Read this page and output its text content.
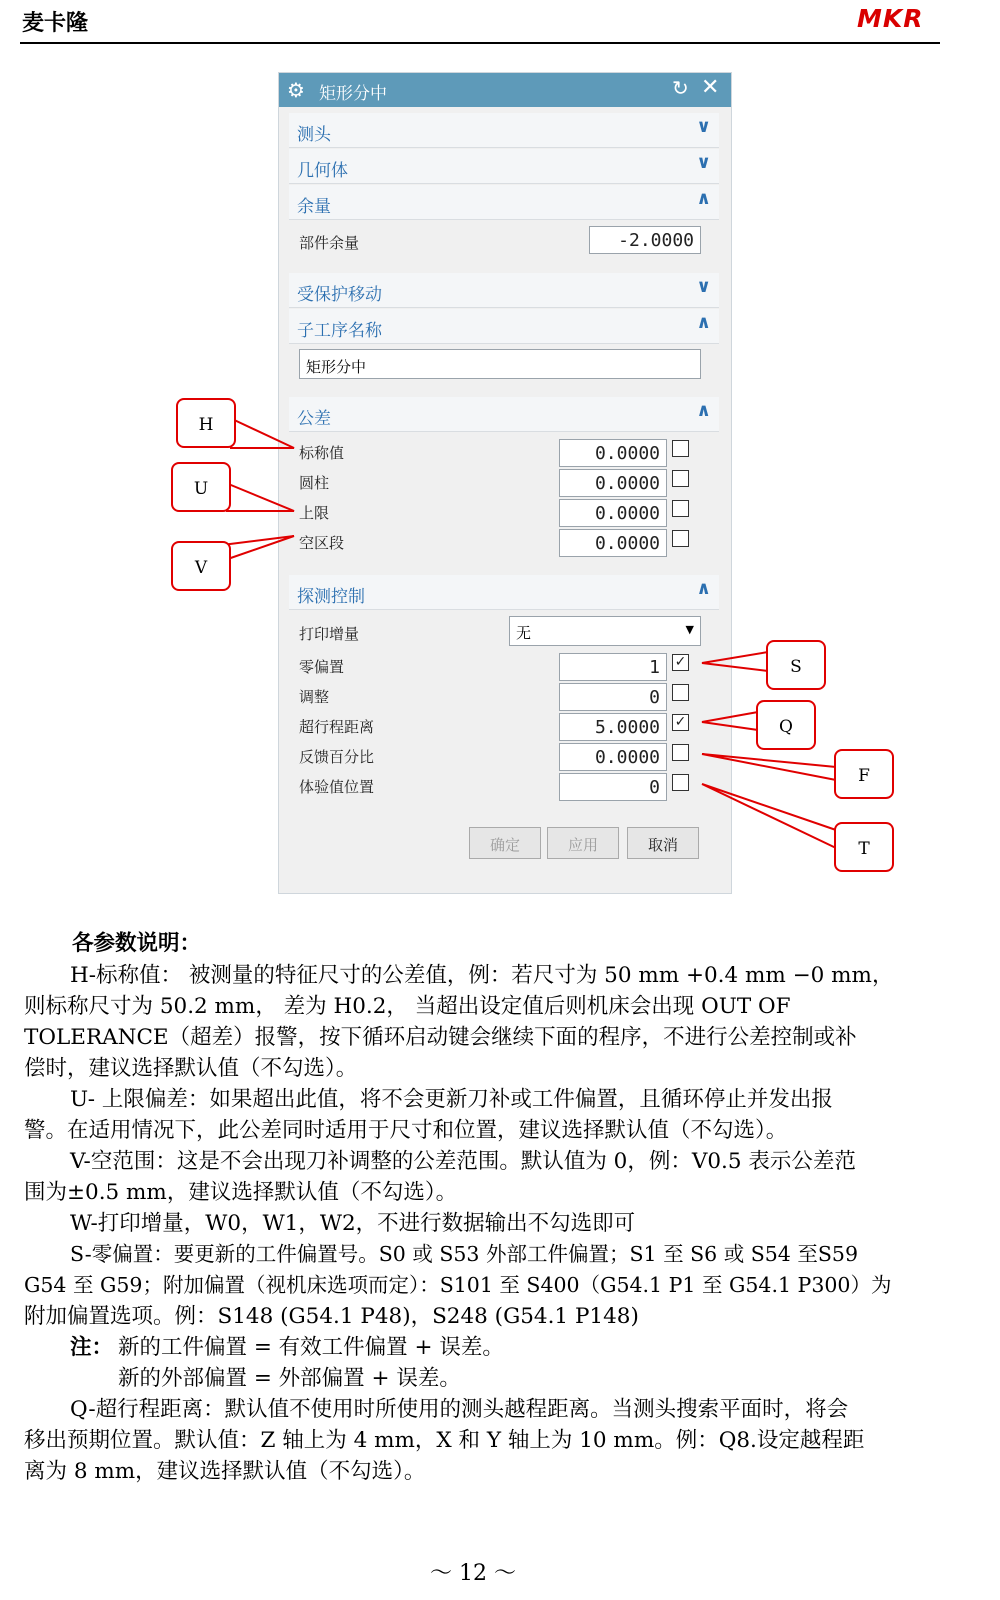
麦卡隆	MKR
⚙ 矩形分中	↻ ✕
测头	∨
几何体	∨
余量	∧
部件余量	-2.0000
受保护移动	∨
子工序名称	∧
矩形分中
公差	∧
标称值	0.0000
圆柱	0.0000
上限	0.0000
空区段	0.0000
探测控制	∧
打印增量	无	▼
零偏置	1	✓
调整	0
超行程距离	5.0000	✓
反馈百分比	0.0000
体验值位置	0
确定	应用	取消
H
U
V
S
Q
F
T
各参数说明：
H-标称值： 被测量的特征尺寸的公差值，例：若尺寸为 50 mm +0.4 mm −0 mm，
则标称尺寸为 50.2 mm， 差为 H0.2， 当超出设定值后则机床会出现 OUT OF
TOLERANCE（超差）报警，按下循环启动键会继续下面的程序，不进行公差控制或补
偿时，建议选择默认值（不勾选）。
U- 上限偏差：如果超出此值，将不会更新刀补或工件偏置，且循环停止并发出报
警。在适用情况下，此公差同时适用于尺寸和位置，建议选择默认值（不勾选）。
V-空范围：这是不会出现刀补调整的公差范围。默认值为 0，例：V0.5 表示公差范
围为±0.5 mm，建议选择默认值（不勾选）。
W-打印增量，W0，W1，W2，不进行数据输出不勾选即可
S-零偏置：要更新的工件偏置号。S0 或 S53 外部工件偏置；S1 至 S6 或 S54 至S59
G54 至 G59；附加偏置（视机床选项而定）：S101 至 S400（G54.1 P1 至 G54.1 P300）为
附加偏置选项。例：S148 (G54.1 P48)，S248 (G54.1 P148)
注： 新的工件偏置 = 有效工件偏置 + 误差。
新的外部偏置 = 外部偏置 + 误差。
Q-超行程距离：默认值不使用时所使用的测头越程距离。当测头搜索平面时，将会
移出预期位置。默认值：Z 轴上为 4 mm，X 和 Y 轴上为 10 mm。例：Q8.设定越程距
离为 8 mm，建议选择默认值（不勾选）。
～ 12 ～
